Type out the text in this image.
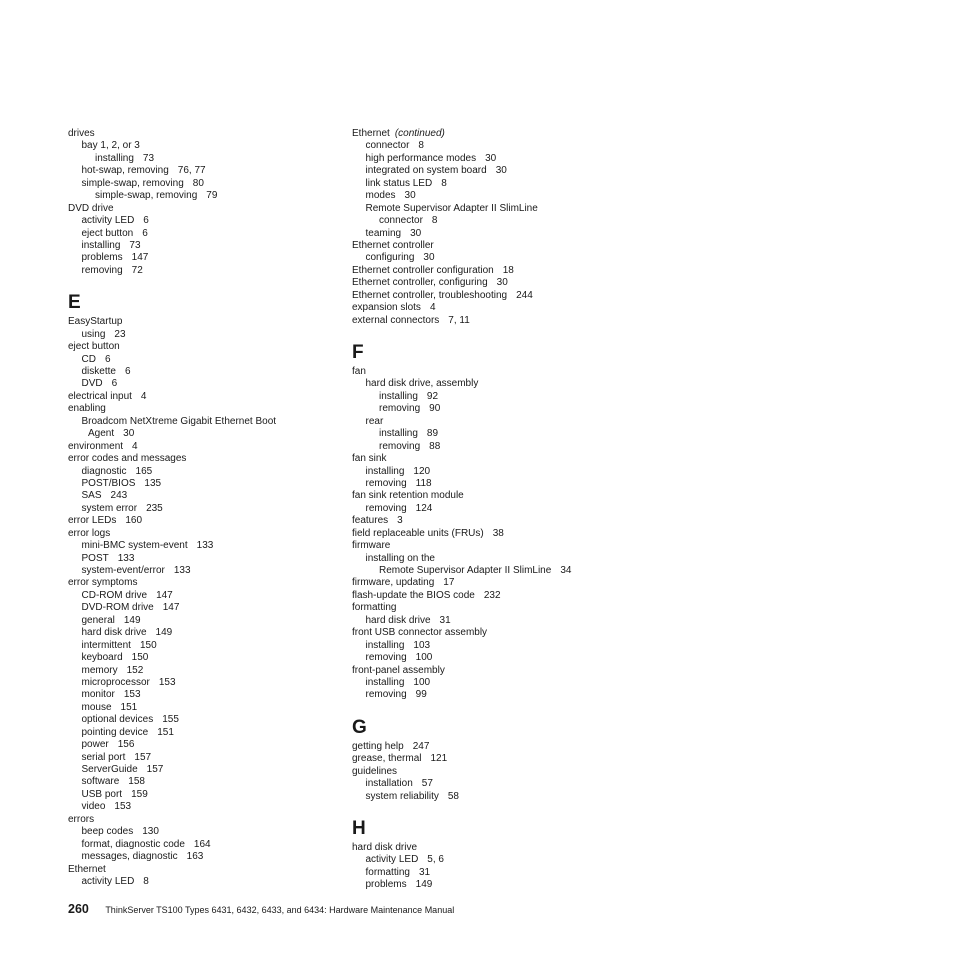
drives
bay 1, 2, or 3
installing 73
hot-swap, removing 76, 77
simple-swap, removing 80
simple-swap, removing 79
DVD drive
activity LED 6
eject button 6
installing 73
problems 147
removing 72
E
EasyStartup
using 23
eject button
CD 6
diskette 6
DVD 6
electrical input 4
enabling
Broadcom NetXtreme Gigabit Ethernet Boot
Agent 30
environment 4
error codes and messages
diagnostic 165
POST/BIOS 135
SAS 243
system error 235
error LEDs 160
error logs
mini-BMC system-event 133
POST 133
system-event/error 133
error symptoms
CD-ROM drive 147
DVD-ROM drive 147
general 149
hard disk drive 149
intermittent 150
keyboard 150
memory 152
microprocessor 153
monitor 153
mouse 151
optional devices 155
pointing device 151
power 156
serial port 157
ServerGuide 157
software 158
USB port 159
video 153
errors
beep codes 130
format, diagnostic code 164
messages, diagnostic 163
Ethernet
activity LED 8
Ethernet (continued)
connector 8
high performance modes 30
integrated on system board 30
link status LED 8
modes 30
Remote Supervisor Adapter II SlimLine
connector 8
teaming 30
Ethernet controller
configuring 30
Ethernet controller configuration 18
Ethernet controller, configuring 30
Ethernet controller, troubleshooting 244
expansion slots 4
external connectors 7, 11
F
fan
hard disk drive, assembly
installing 92
removing 90
rear
installing 89
removing 88
fan sink
installing 120
removing 118
fan sink retention module
removing 124
features 3
field replaceable units (FRUs) 38
firmware
installing on the
Remote Supervisor Adapter II SlimLine 34
firmware, updating 17
flash-update the BIOS code 232
formatting
hard disk drive 31
front USB connector assembly
installing 103
removing 100
front-panel assembly
installing 100
removing 99
G
getting help 247
grease, thermal 121
guidelines
installation 57
system reliability 58
H
hard disk drive
activity LED 5, 6
formatting 31
problems 149
260 ThinkServer TS100 Types 6431, 6432, 6433, and 6434: Hardware Maintenance Manual
